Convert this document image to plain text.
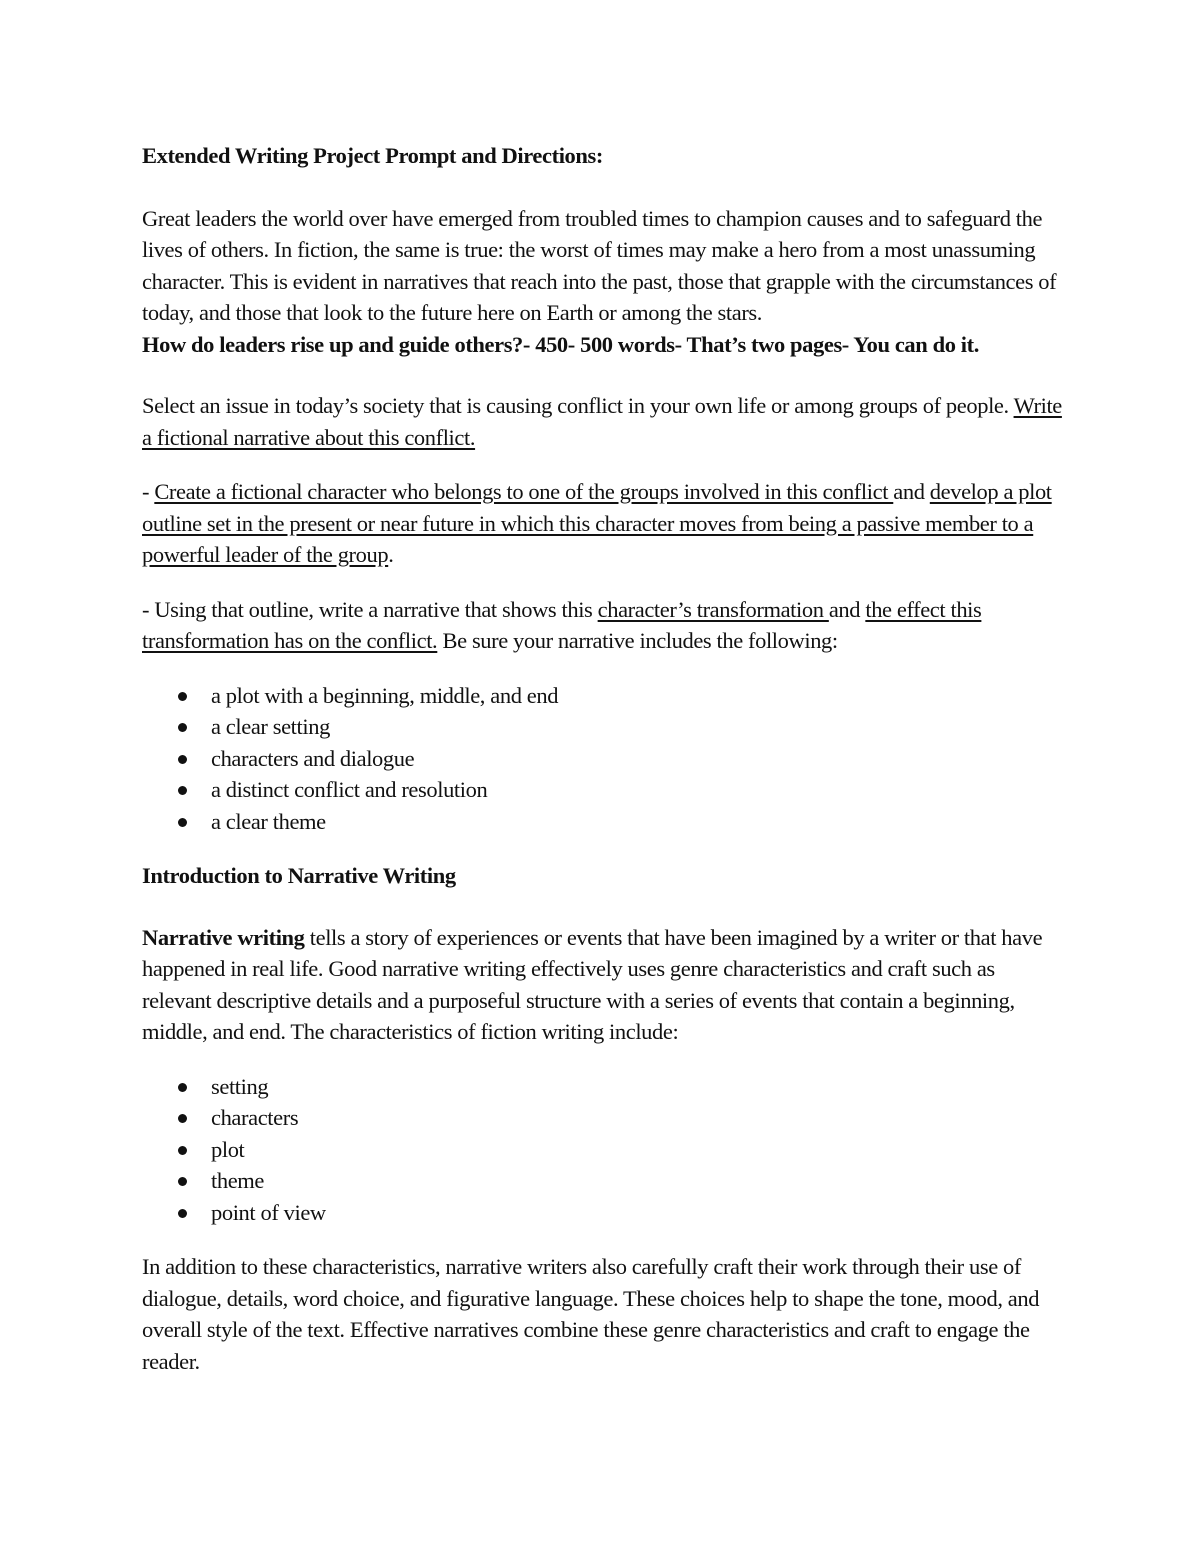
Extended Writing Project Prompt and Directions:

Great leaders the world over have emerged from troubled times to champion causes and to safeguard the lives of others. In fiction, the same is true: the worst of times may make a hero from a most unassuming character. This is evident in narratives that reach into the past, those that grapple with the circumstances of today, and those that look to the future here on Earth or among the stars.

How do leaders rise up and guide others?- 450- 500 words- That’s two pages- You can do it.

Select an issue in today’s society that is causing conflict in your own life or among groups of people. Write a fictional narrative about this conflict.

- Create a fictional character who belongs to one of the groups involved in this conflict and develop a plot outline set in the present or near future in which this character moves from being a passive member to a powerful leader of the group.

- Using that outline, write a narrative that shows this character’s transformation and the effect this transformation has on the conflict. Be sure your narrative includes the following:

a plot with a beginning, middle, and end
a clear setting
characters and dialogue
a distinct conflict and resolution
a clear theme
Introduction to Narrative Writing

Narrative writing tells a story of experiences or events that have been imagined by a writer or that have happened in real life. Good narrative writing effectively uses genre characteristics and craft such as relevant descriptive details and a purposeful structure with a series of events that contain a beginning, middle, and end. The characteristics of fiction writing include:

setting
characters
plot
theme
point of view

In addition to these characteristics, narrative writers also carefully craft their work through their use of dialogue, details, word choice, and figurative language. These choices help to shape the tone, mood, and overall style of the text. Effective narratives combine these genre characteristics and craft to engage the reader.
